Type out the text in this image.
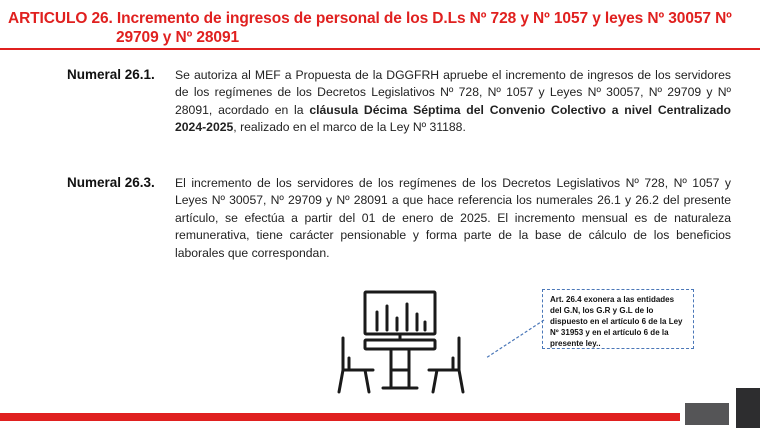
ARTICULO 26. Incremento de ingresos de personal de los D.Ls Nº 728 y Nº 1057 y leyes Nº 30057 Nº
29709 y Nº 28091
Numeral 26.1. Se autoriza al MEF a Propuesta de la DGGFRH apruebe el incremento de ingresos de los servidores de los regímenes de los Decretos Legislativos Nº 728, Nº 1057 y Leyes Nº 30057, Nº 29709 y Nº 28091, acordado en la cláusula Décima Séptima del Convenio Colectivo a nivel Centralizado 2024-2025, realizado en el marco de la Ley Nº 31188.
Numeral 26.3. El incremento de los servidores de los regímenes de los Decretos Legislativos Nº 728, Nº 1057 y Leyes Nº 30057, Nº 29709 y Nº 28091 a que hace referencia los numerales 26.1 y 26.2 del presente artículo, se efectúa a partir del 01 de enero de 2025. El incremento mensual es de naturaleza remunerativa, tiene carácter pensionable y forma parte de la base de cálculo de los beneficios laborales que correspondan.
Art. 26.4 exonera a las entidades del G.N, los G.R y G.L de lo dispuesto en el artículo 6 de la Ley Nº 31953 y en el artículo 6 de la presente ley..
